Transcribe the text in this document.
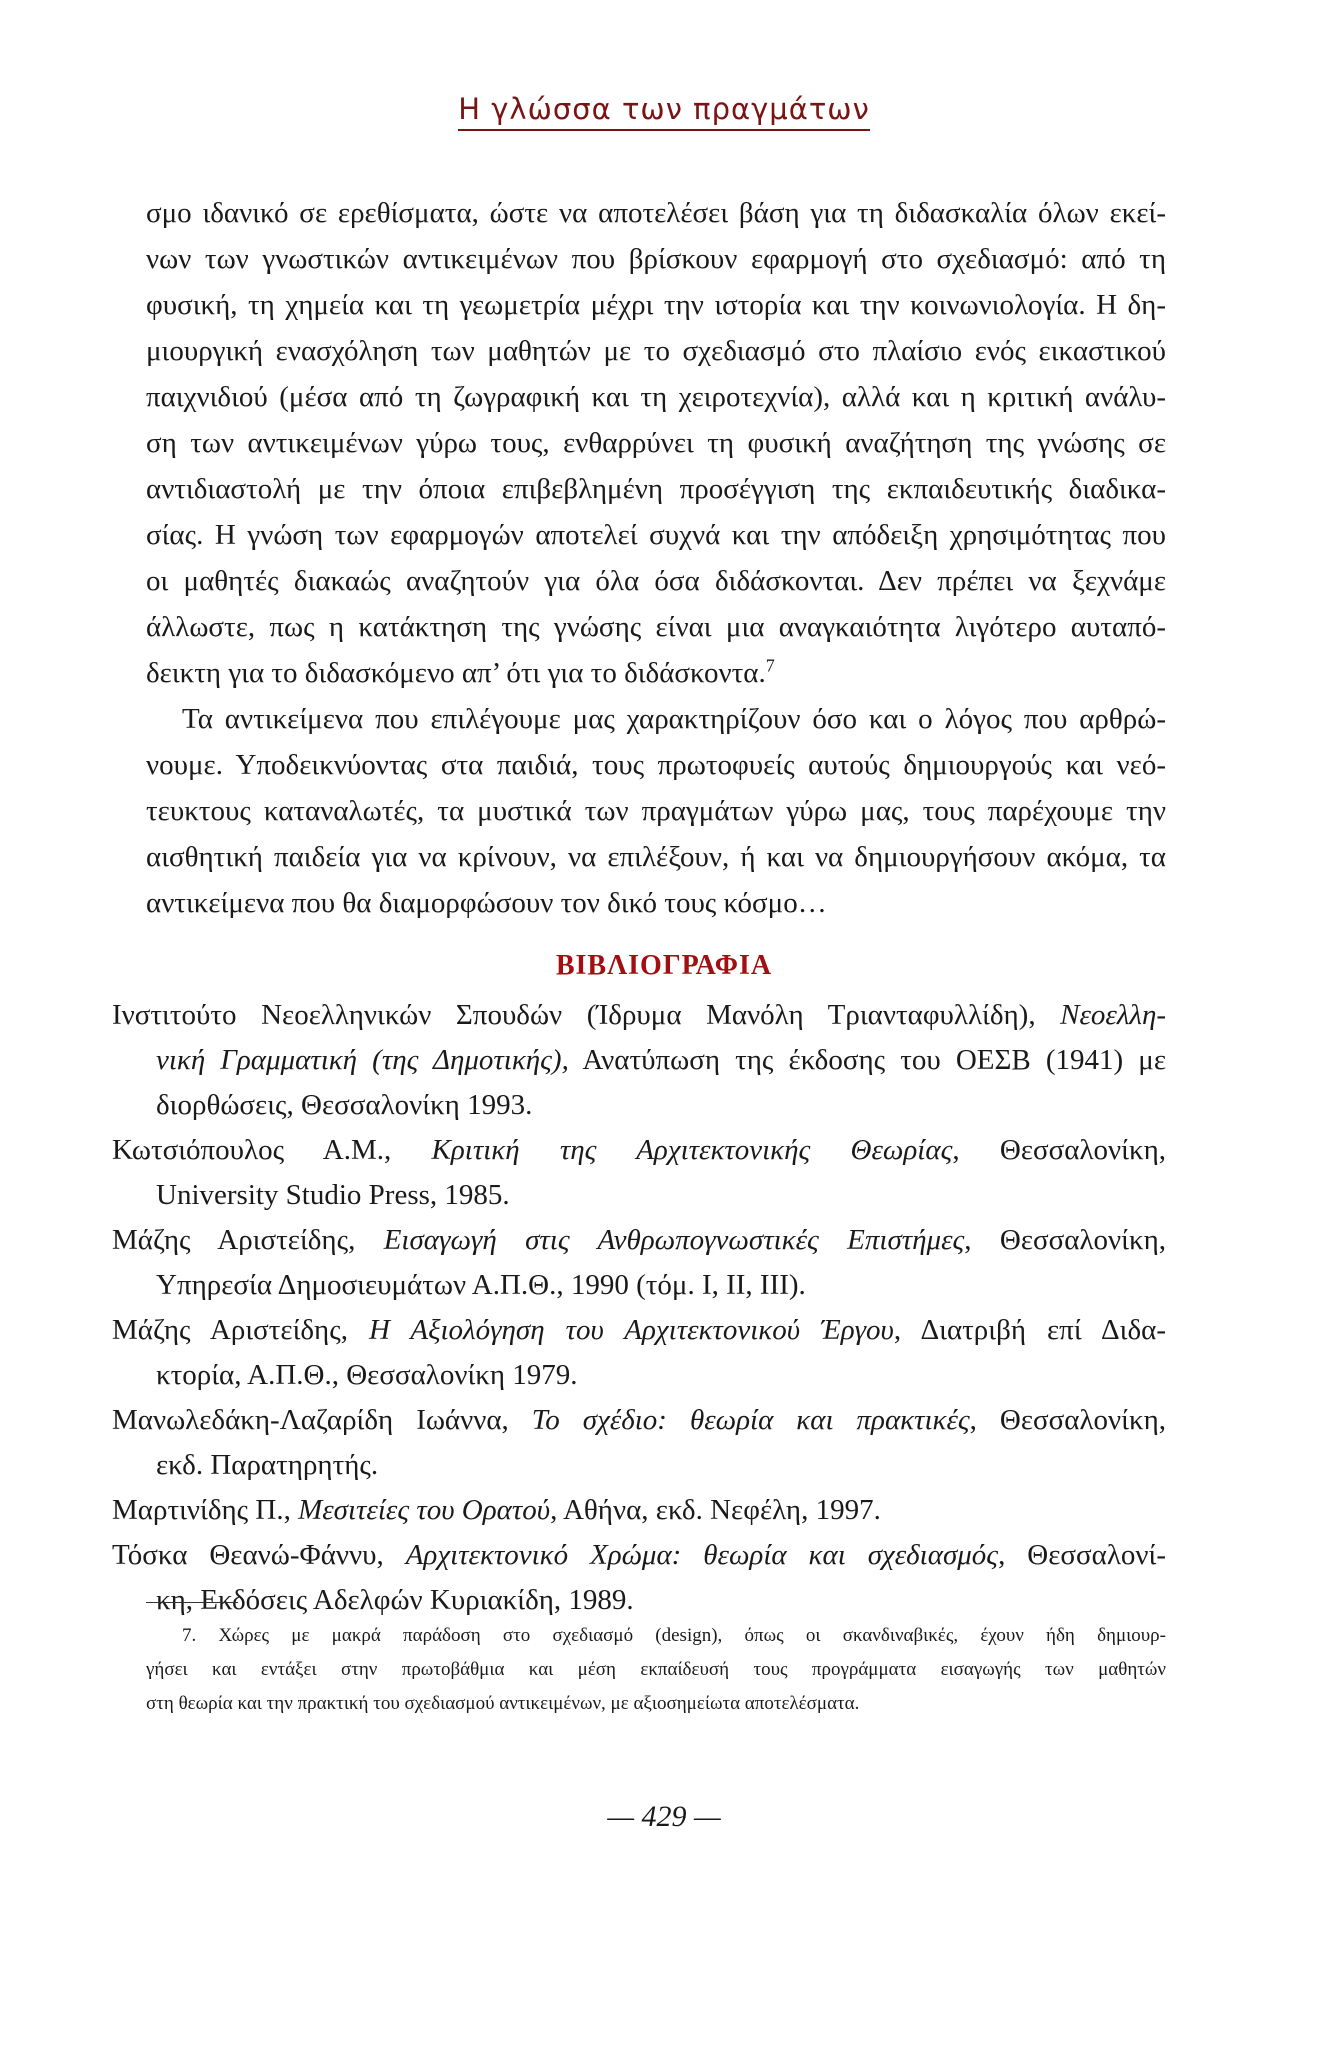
Η γλώσσα των πραγμάτων

σμο ιδανικό σε ερεθίσματα, ώστε να αποτελέσει βάση για τη διδασκαλία όλων εκεί-
νων των γνωστικών αντικειμένων που βρίσκουν εφαρμογή στο σχεδιασμό: από τη
φυσική, τη χημεία και τη γεωμετρία μέχρι την ιστορία και την κοινωνιολογία. Η δη-
μιουργική ενασχόληση των μαθητών με το σχεδιασμό στο πλαίσιο ενός εικαστικού
παιχνιδιού (μέσα από τη ζωγραφική και τη χειροτεχνία), αλλά και η κριτική ανάλυ-
ση των αντικειμένων γύρω τους, ενθαρρύνει τη φυσική αναζήτηση της γνώσης σε
αντιδιαστολή με την όποια επιβεβλημένη προσέγγιση της εκπαιδευτικής διαδικα-
σίας. Η γνώση των εφαρμογών αποτελεί συχνά και την απόδειξη χρησιμότητας που
οι μαθητές διακαώς αναζητούν για όλα όσα διδάσκονται. Δεν πρέπει να ξεχνάμε
άλλωστε, πως η κατάκτηση της γνώσης είναι μια αναγκαιότητα λιγότερο αυταπό-
δεικτη για το διδασκόμενο απ’ ότι για το διδάσκοντα.$^7$

Τα αντικείμενα που επιλέγουμε μας χαρακτηρίζουν όσο και ο λόγος που αρθρώ-
νουμε. Υποδεικνύοντας στα παιδιά, τους πρωτοφυείς αυτούς δημιουργούς και νεό-
τευκτους καταναλωτές, τα μυστικά των πραγμάτων γύρω μας, τους παρέχουμε την
αισθητική παιδεία για να κρίνουν, να επιλέξουν, ή και να δημιουργήσουν ακόμα, τα
αντικείμενα που θα διαμορφώσουν τον δικό τους κόσμο…

ΒΙΒΛΙΟΓΡΑΦΙΑ
Ινστιτούτο Νεοελληνικών Σπουδών (Ίδρυμα Μανόλη Τριανταφυλλίδη), Νεοελλη-
νική Γραμματική (της Δημοτικής), Ανατύπωση της έκδοσης του ΟΕΣΒ (1941) με
διορθώσεις, Θεσσαλονίκη 1993.
Κωτσιόπουλος Α.Μ., Κριτική της Αρχιτεκτονικής Θεωρίας, Θεσσαλονίκη,
University Studio Press, 1985.
Μάζης Αριστείδης, Εισαγωγή στις Ανθρωπογνωστικές Επιστήμες, Θεσσαλονίκη,
Υπηρεσία Δημοσιευμάτων Α.Π.Θ., 1990 (τόμ. Ι, ΙΙ, ΙΙΙ).
Μάζης Αριστείδης, Η Αξιολόγηση του Αρχιτεκτονικού Έργου, Διατριβή επί Διδα-
κτορία, Α.Π.Θ., Θεσσαλονίκη 1979.
Μανωλεδάκη-Λαζαρίδη Ιωάννα, Το σχέδιο: θεωρία και πρακτικές, Θεσσαλονίκη,
εκδ. Παρατηρητής.
Μαρτινίδης Π., Μεσιτείες του Ορατού, Αθήνα, εκδ. Νεφέλη, 1997.
Τόσκα Θεανώ-Φάννυ, Αρχιτεκτονικό Χρώμα: θεωρία και σχεδιασμός, Θεσσαλονί-
κη, Εκδόσεις Αδελφών Κυριακίδη, 1989.
7. Χώρες με μακρά παράδοση στο σχεδιασμό (design), όπως οι σκανδιναβικές, έχουν ήδη δημιουρ-
γήσει και εντάξει στην πρωτοβάθμια και μέση εκπαίδευσή τους προγράμματα εισαγωγής των μαθητών
στη θεωρία και την πρακτική του σχεδιασμού αντικειμένων, με αξιοσημείωτα αποτελέσματα.
— 429 —
